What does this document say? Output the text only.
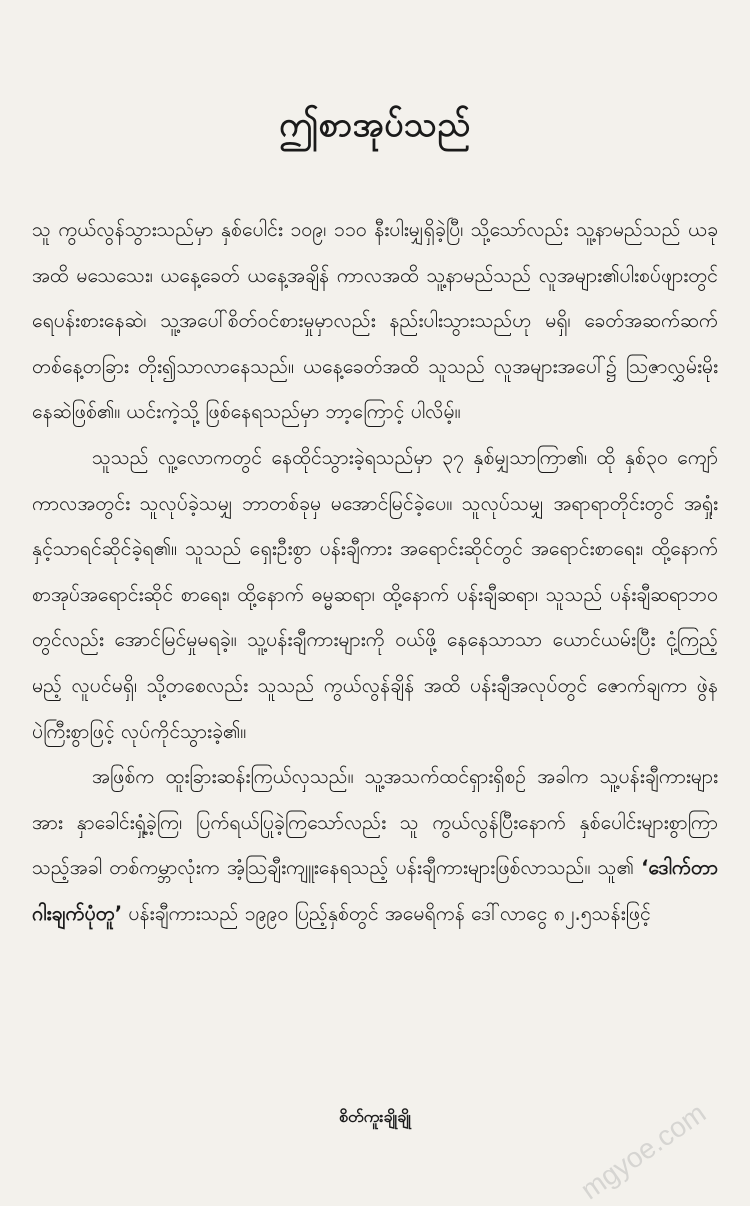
ဤစာအုပ်သည်

သူ ကွယ်လွန်သွားသည်မှာ နှစ်ပေါင်း ၁၀၉၊ ၁၁၀ နီးပါးမျှရှိခဲ့ပြီ၊ သို့သော်လည်း သူ့နာမည်သည် ယခုအထိ မသေသေး၊ ယနေ့ခေတ် ယနေ့အချိန် ကာလအထိ သူ့နာမည်သည် လူအများ၏ပါးစပ်ဖျားတွင် ရေပန်းစားနေဆဲ၊ သူ့အပေါ်စိတ်ဝင်စားမှုမှာလည်း နည်းပါးသွားသည်ဟု မရှိ၊ ခေတ်အဆက်ဆက် တစ်နေ့တခြား တိုး၍သာလာနေသည်။ ယနေ့ခေတ်အထိ သူသည် လူအများအပေါ်၌ သြဇာလွှမ်းမိုးနေဆဲဖြစ်၏။ ယင်းကဲ့သို့ ဖြစ်နေရသည်မှာ ဘာ့ကြောင့် ပါလိမ့်။

သူသည် လူ့လောကတွင် နေထိုင်သွားခဲ့ရသည်မှာ ၃၇ နှစ်မျှသာကြာ၏၊ ထို နှစ်၃၀ ကျော်ကာလအတွင်း သူလုပ်ခဲ့သမျှ ဘာတစ်ခုမှ မအောင်မြင်ခဲ့ပေ။ သူလုပ်သမျှ အရာရာတိုင်းတွင် အရှုံးနှင့်သာရင်ဆိုင်ခဲ့ရ၏။ သူသည် ရှေးဦးစွာ ပန်းချီကား အရောင်းဆိုင်တွင် အရောင်းစာရေး၊ ထို့နောက် စာအုပ်အရောင်းဆိုင် စာရေး၊ ထို့နောက် ဓမ္မဆရာ၊ ထို့နောက် ပန်းချီဆရာ၊ သူသည် ပန်းချီဆရာဘဝ တွင်လည်း အောင်မြင်မှုမရခဲ့။ သူ့ပန်းချီကားများကို ဝယ်ဖို့ နေနေသာသာ ယောင်ယမ်းပြီး ငုံ့ကြည့်မည့် လူပင်မရှိ၊ သို့တစေလည်း သူသည် ကွယ်လွန်ချိန် အထိ ပန်းချီအလုပ်တွင် ဇောက်ချကာ ဖွဲနပဲကြီးစွာဖြင့် လုပ်ကိုင်သွားခဲ့၏။

အဖြစ်က ထူးခြားဆန်းကြယ်လှသည်။ သူ့အသက်ထင်ရှားရှိစဉ် အခါက သူ့ပန်းချီကားများအား နှာခေါင်းရှုံ့ခဲ့ကြ၊ ပြက်ရယ်ပြုခဲ့ကြသော်လည်း သူ ကွယ်လွန်ပြီးနောက် နှစ်ပေါင်းများစွာကြာသည့်အခါ တစ်ကမ္ဘာလုံးက အံ့သြချီးကျူးနေရသည့် ပန်းချီကားများဖြစ်လာသည်။ သူ၏ ‘ဒေါက်တာ ဂါးချက်ပုံတူ’ ပန်းချီကားသည် ၁၉၉၀ ပြည့်နှစ်တွင် အမေရိကန် ဒေါ်လာငွေ ၈၂.၅သန်းဖြင့်

စိတ်ကူးချိုချို	mgyoe.com
